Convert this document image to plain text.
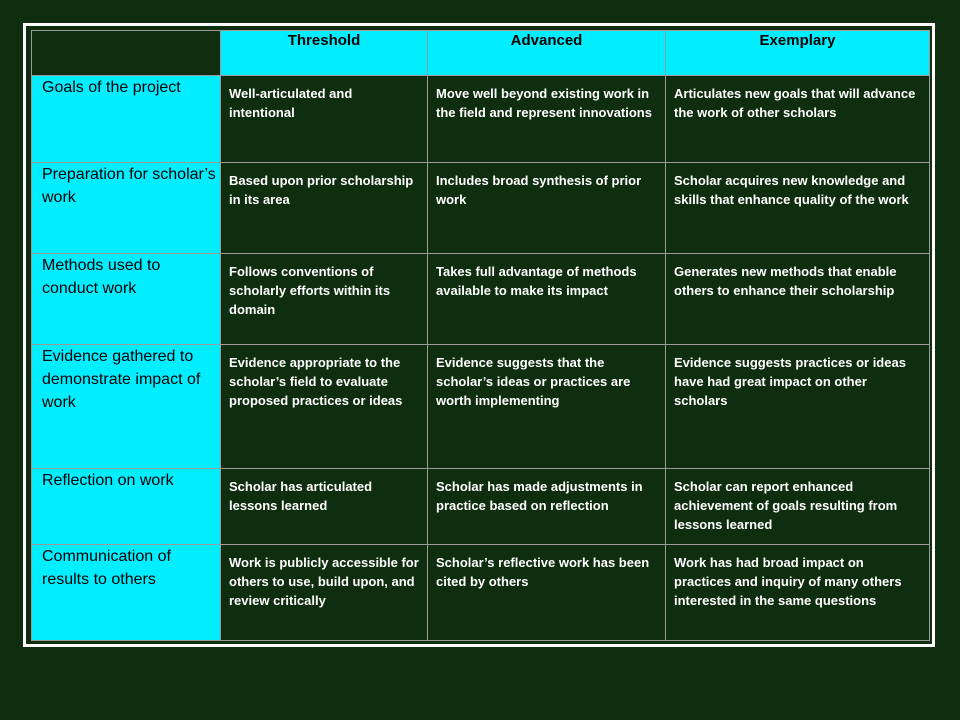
	Threshold	Advanced	Exemplary
Goals of the project	Well-articulated and intentional	Move well beyond existing work in the field and represent innovations	Articulates new goals that will advance the work of other scholars
Preparation for scholar’s work	Based upon prior scholarship in its area	Includes broad synthesis of prior work	Scholar acquires new knowledge and skills that enhance quality of the work
Methods used to conduct work	Follows conventions of scholarly efforts within its domain	Takes full advantage of methods available to make its impact	Generates new methods that enable others to enhance their scholarship
Evidence gathered to demonstrate impact of work	Evidence appropriate to the scholar’s field to evaluate proposed practices or ideas	Evidence suggests that the scholar’s ideas or practices are worth implementing	Evidence suggests practices or ideas have had great impact on other scholars
Reflection on work	Scholar has articulated lessons learned	Scholar has made adjustments in practice based on reflection	Scholar can report enhanced achievement of goals resulting from lessons learned
Communication of results to others	Work is publicly accessible for others to use, build upon, and review critically	Scholar’s reflective work has been cited by others	Work has had broad impact on practices and inquiry of many others interested in the same questions
